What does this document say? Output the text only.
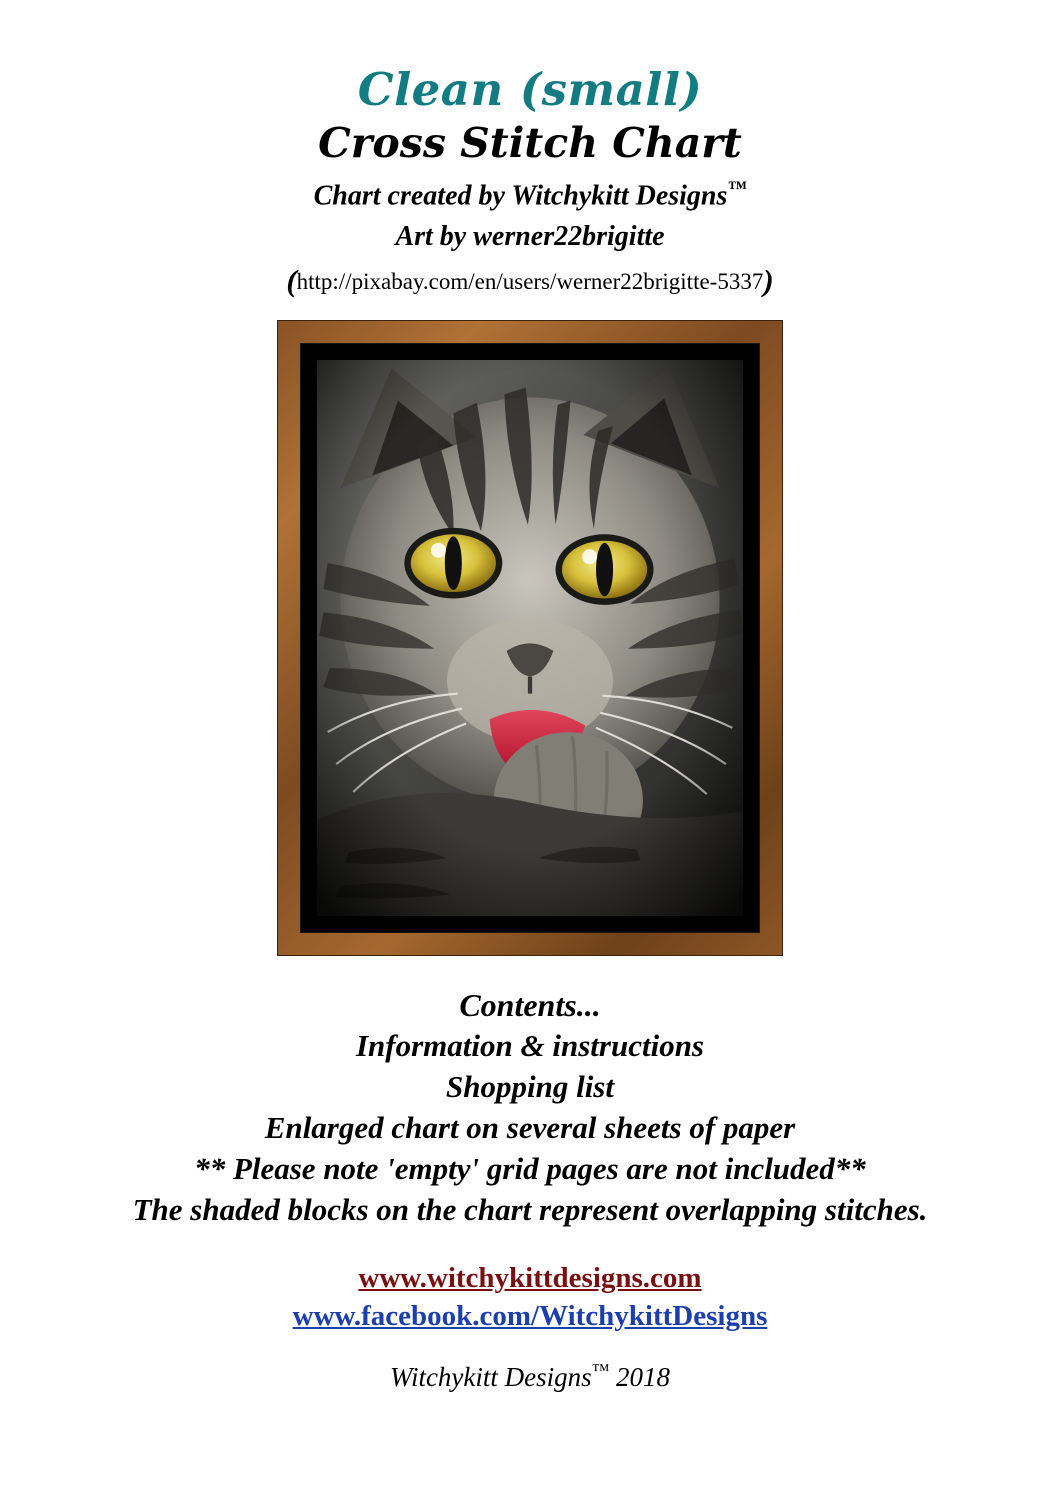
Clean (small)
Cross Stitch Chart
Chart created by Witchykitt Designs™
Art by werner22brigitte
(http://pixabay.com/en/users/werner22brigitte-5337)
Contents...
Information & instructions
Shopping list
Enlarged chart on several sheets of paper
** Please note 'empty' grid pages are not included**
The shaded blocks on the chart represent overlapping stitches.
www.witchykittdesigns.com
www.facebook.com/WitchykittDesigns
Witchykitt Designs™ 2018
